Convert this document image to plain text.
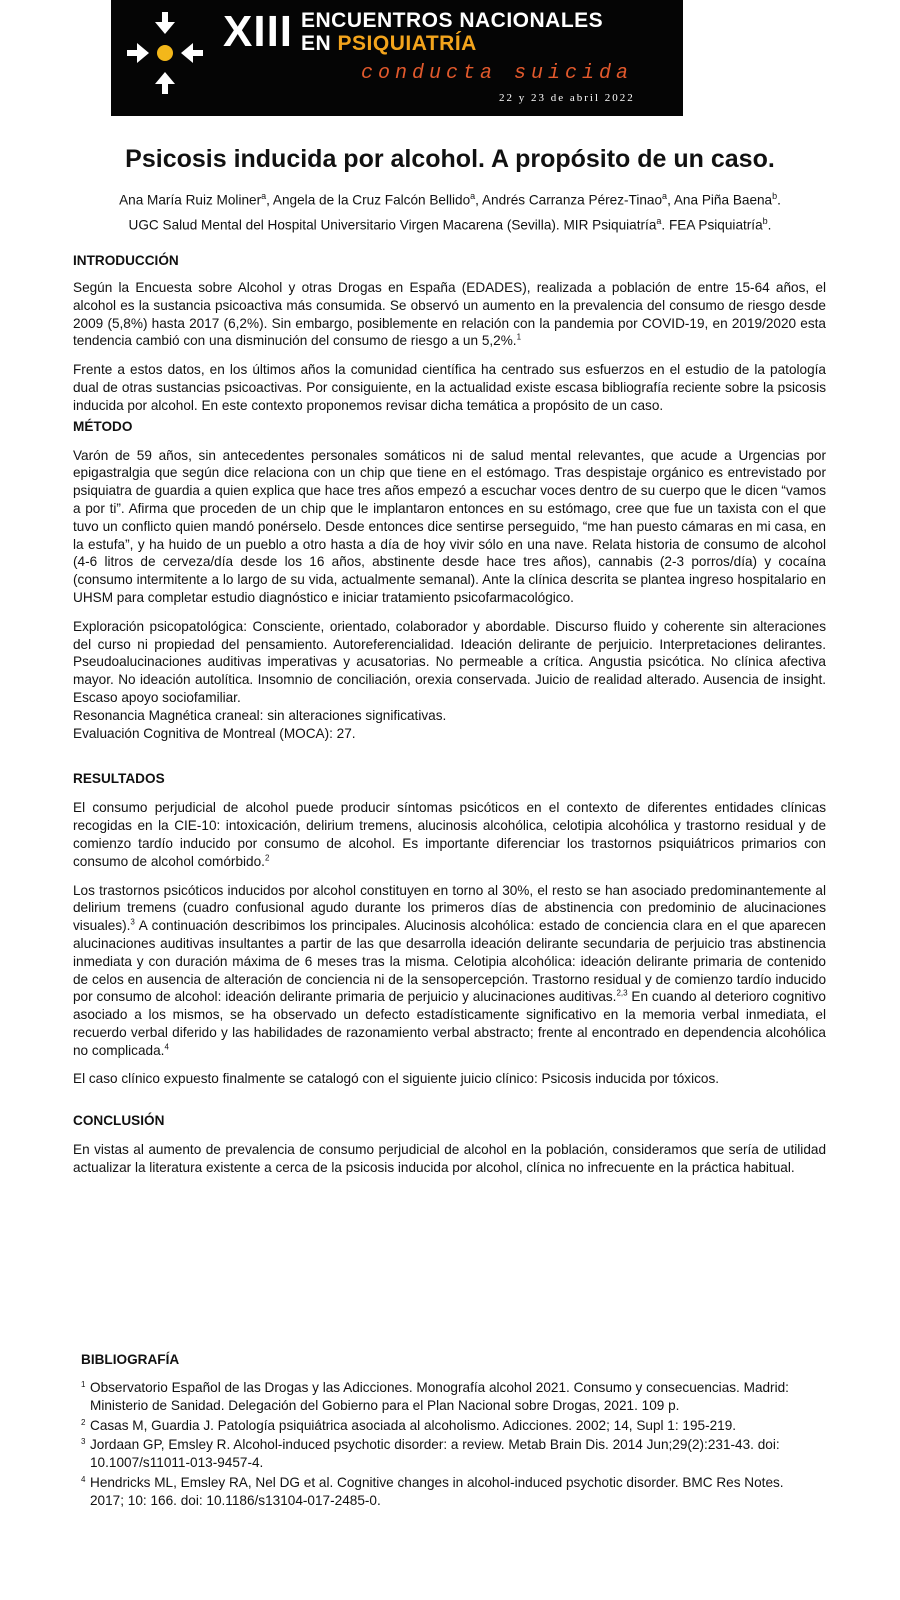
XIII ENCUENTROS NACIONALES
EN PSIQUIATRÍA
conducta suicida
22 y 23 de abril 2022
Psicosis inducida por alcohol. A propósito de un caso.
Ana María Ruiz Moliner$^a$, Angela de la Cruz Falcón Bellido$^a$, Andrés Carranza Pérez-Tinao$^a$, Ana Piña Baena$^b$.
UGC Salud Mental del Hospital Universitario Virgen Macarena (Sevilla). MIR Psiquiatría$^a$. FEA Psiquiatría$^b$.
INTRODUCCIÓN

Según la Encuesta sobre Alcohol y otras Drogas en España (EDADES), realizada a población de entre 15-64 años, el alcohol es la sustancia psicoactiva más consumida. Se observó un aumento en la prevalencia del consumo de riesgo desde 2009 (5,8%) hasta 2017 (6,2%). Sin embargo, posiblemente en relación con la pandemia por COVID-19, en 2019/2020 esta tendencia cambió con una disminución del consumo de riesgo a un 5,2%.$^1$

Frente a estos datos, en los últimos años la comunidad científica ha centrado sus esfuerzos en el estudio de la patología dual de otras sustancias psicoactivas. Por consiguiente, en la actualidad existe escasa bibliografía reciente sobre la psicosis inducida por alcohol. En este contexto proponemos revisar dicha temática a propósito de un caso.

MÉTODO

Varón de 59 años, sin antecedentes personales somáticos ni de salud mental relevantes, que acude a Urgencias por epigastralgia que según dice relaciona con un chip que tiene en el estómago. Tras despistaje orgánico es entrevistado por psiquiatra de guardia a quien explica que hace tres años empezó a escuchar voces dentro de su cuerpo que le dicen “vamos a por ti”. Afirma que proceden de un chip que le implantaron entonces en su estómago, cree que fue un taxista con el que tuvo un conflicto quien mandó ponérselo. Desde entonces dice sentirse perseguido, “me han puesto cámaras en mi casa, en la estufa”, y ha huido de un pueblo a otro hasta a día de hoy vivir sólo en una nave. Relata historia de consumo de alcohol (4-6 litros de cerveza/día desde los 16 años, abstinente desde hace tres años), cannabis (2-3 porros/día) y cocaína (consumo intermitente a lo largo de su vida, actualmente semanal). Ante la clínica descrita se plantea ingreso hospitalario en UHSM para completar estudio diagnóstico e iniciar tratamiento psicofarmacológico.

Exploración psicopatológica: Consciente, orientado, colaborador y abordable. Discurso fluido y coherente sin alteraciones del curso ni propiedad del pensamiento. Autoreferencialidad. Ideación delirante de perjuicio. Interpretaciones delirantes. Pseudoalucinaciones auditivas imperativas y acusatorias. No permeable a crítica. Angustia psicótica. No clínica afectiva mayor. No ideación autolítica. Insomnio de conciliación, orexia conservada. Juicio de realidad alterado. Ausencia de insight. Escaso apoyo sociofamiliar.

Resonancia Magnética craneal: sin alteraciones significativas.

Evaluación Cognitiva de Montreal (MOCA): 27.

RESULTADOS

El consumo perjudicial de alcohol puede producir síntomas psicóticos en el contexto de diferentes entidades clínicas recogidas en la CIE-10: intoxicación, delirium tremens, alucinosis alcohólica, celotipia alcohólica y trastorno residual y de comienzo tardío inducido por consumo de alcohol. Es importante diferenciar los trastornos psiquiátricos primarios con consumo de alcohol comórbido.$^2$

Los trastornos psicóticos inducidos por alcohol constituyen en torno al 30%, el resto se han asociado predominantemente al delirium tremens (cuadro confusional agudo durante los primeros días de abstinencia con predominio de alucinaciones visuales).$^3$ A continuación describimos los principales. Alucinosis alcohólica: estado de conciencia clara en el que aparecen alucinaciones auditivas insultantes a partir de las que desarrolla ideación delirante secundaria de perjuicio tras abstinencia inmediata y con duración máxima de 6 meses tras la misma. Celotipia alcohólica: ideación delirante primaria de contenido de celos en ausencia de alteración de conciencia ni de la sensopercepción. Trastorno residual y de comienzo tardío inducido por consumo de alcohol: ideación delirante primaria de perjuicio y alucinaciones auditivas.$^{2,3}$ En cuando al deterioro cognitivo asociado a los mismos, se ha observado un defecto estadísticamente significativo en la memoria verbal inmediata, el recuerdo verbal diferido y las habilidades de razonamiento verbal abstracto; frente al encontrado en dependencia alcohólica no complicada.$^4$

El caso clínico expuesto finalmente se catalogó con el siguiente juicio clínico: Psicosis inducida por tóxicos.

CONCLUSIÓN

En vistas al aumento de prevalencia de consumo perjudicial de alcohol en la población, consideramos que sería de utilidad actualizar la literatura existente a cerca de la psicosis inducida por alcohol, clínica no infrecuente en la práctica habitual.

BIBLIOGRAFÍA
1 Observatorio Español de las Drogas y las Adicciones. Monografía alcohol 2021. Consumo y consecuencias. Madrid: Ministerio de Sanidad. Delegación del Gobierno para el Plan Nacional sobre Drogas, 2021. 109 p.
2 Casas M, Guardia J. Patología psiquiátrica asociada al alcoholismo. Adicciones. 2002; 14, Supl 1: 195-219.
3 Jordaan GP, Emsley R. Alcohol-induced psychotic disorder: a review. Metab Brain Dis. 2014 Jun;29(2):231-43. doi: 10.1007/s11011-013-9457-4.
4 Hendricks ML, Emsley RA, Nel DG et al. Cognitive changes in alcohol-induced psychotic disorder. BMC Res Notes. 2017; 10: 166. doi: 10.1186/s13104-017-2485-0.
